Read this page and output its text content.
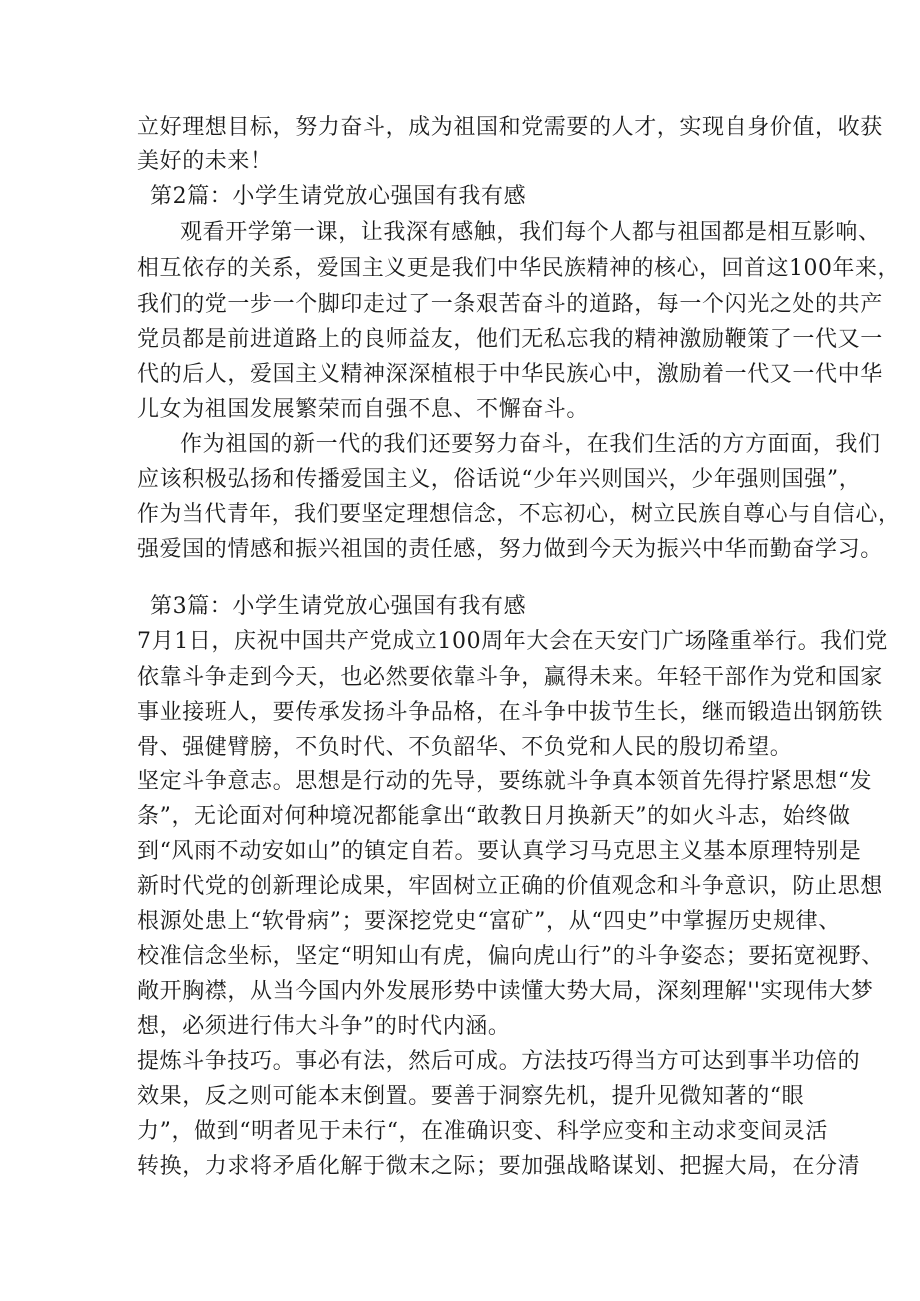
立好理想目标，努力奋斗，成为祖国和党需要的人才，实现自身价值，收获
美好的未来！
第2篇：小学生请党放心强国有我有感
观看开学第一课，让我深有感触，我们每个人都与祖国都是相互影响、
相互依存的关系，爱国主义更是我们中华民族精神的核心，回首这100年来，
我们的党一步一个脚印走过了一条艰苦奋斗的道路，每一个闪光之处的共产
党员都是前进道路上的良师益友，他们无私忘我的精神激励鞭策了一代又一
代的后人，爱国主义精神深深植根于中华民族心中，激励着一代又一代中华
儿女为祖国发展繁荣而自强不息、不懈奋斗。
作为祖国的新一代的我们还要努力奋斗，在我们生活的方方面面，我们
应该积极弘扬和传播爱国主义，俗话说“少年兴则国兴，少年强则国强”，
作为当代青年，我们要坚定理想信念，不忘初心，树立民族自尊心与自信心，
强爱国的情感和振兴祖国的责任感，努力做到今天为振兴中华而勤奋学习。
第3篇：小学生请党放心强国有我有感
7月1日，庆祝中国共产党成立100周年大会在天安门广场隆重举行。我们党
依靠斗争走到今天，也必然要依靠斗争，赢得未来。年轻干部作为党和国家
事业接班人，要传承发扬斗争品格，在斗争中拔节生长，继而锻造出钢筋铁
骨、强健臂膀，不负时代、不负韶华、不负党和人民的殷切希望。
坚定斗争意志。思想是行动的先导，要练就斗争真本领首先得拧紧思想“发
条”，无论面对何种境况都能拿出“敢教日月换新天”的如火斗志，始终做
到“风雨不动安如山”的镇定自若。要认真学习马克思主义基本原理特别是
新时代党的创新理论成果，牢固树立正确的价值观念和斗争意识，防止思想
根源处患上“软骨病”；要深挖党史“富矿”，从“四史”中掌握历史规律、
校准信念坐标，坚定“明知山有虎，偏向虎山行”的斗争姿态；要拓宽视野、
敞开胸襟，从当今国内外发展形势中读懂大势大局，深刻理解''实现伟大梦
想，必须进行伟大斗争”的时代内涵。
提炼斗争技巧。事必有法，然后可成。方法技巧得当方可达到事半功倍的
效果，反之则可能本末倒置。要善于洞察先机，提升见微知著的“眼
力”，做到“明者见于未行“，在准确识变、科学应变和主动求变间灵活
转换，力求将矛盾化解于微末之际；要加强战略谋划、把握大局，在分清
